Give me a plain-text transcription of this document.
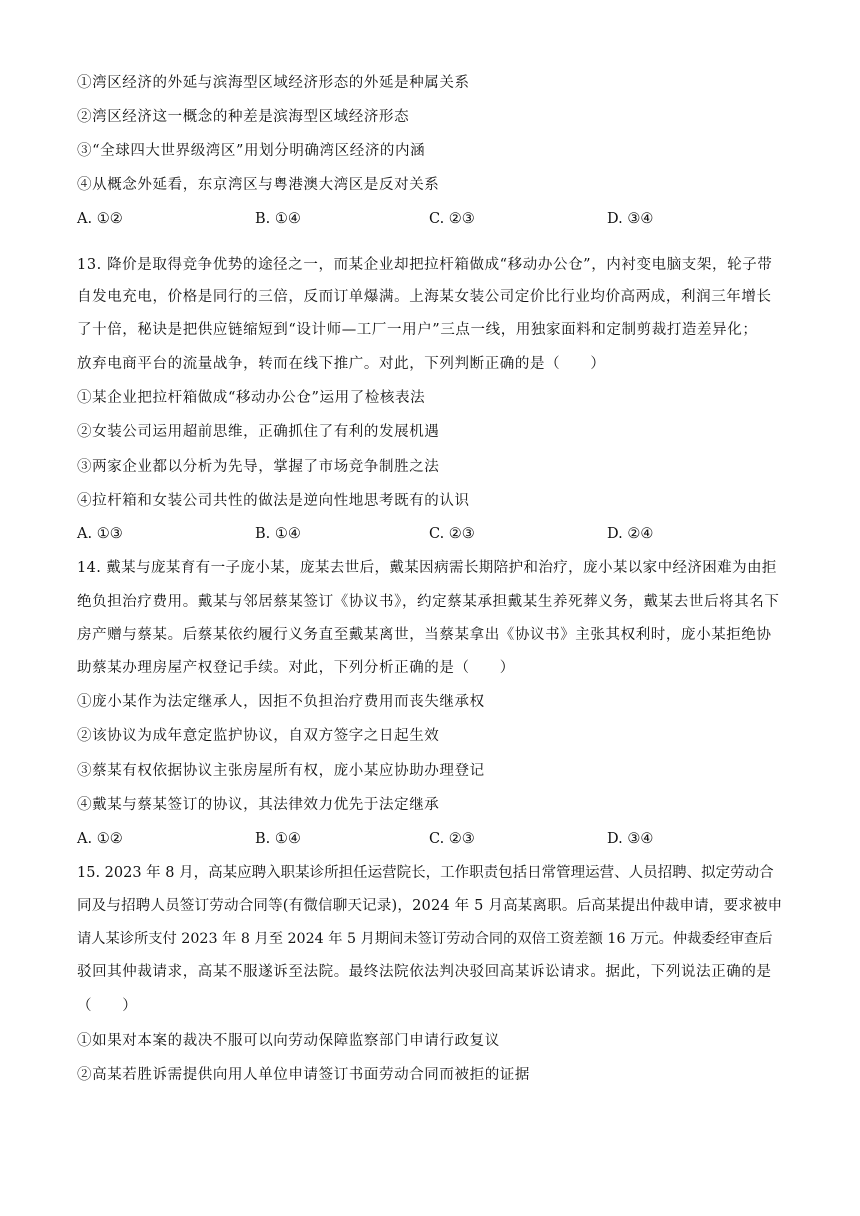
①湾区经济的外延与滨海型区域经济形态的外延是种属关系
②湾区经济这一概念的种差是滨海型区域经济形态
③“全球四大世界级湾区”用划分明确湾区经济的内涵
④从概念外延看，东京湾区与粤港澳大湾区是反对关系
A. ①②	B. ①④	C. ②③	D. ③④
13. 降价是取得竞争优势的途径之一，而某企业却把拉杆箱做成“移动办公仓”，内衬变电脑支架，轮子带
自发电充电，价格是同行的三倍，反而订单爆满。上海某女装公司定价比行业均价高两成，利润三年增长
了十倍，秘诀是把供应链缩短到“设计师—工厂一用户”三点一线，用独家面料和定制剪裁打造差异化；
放弃电商平台的流量战争，转而在线下推广。对此，下列判断正确的是（　　）
①某企业把拉杆箱做成“移动办公仓”运用了检核表法
②女装公司运用超前思维，正确抓住了有利的发展机遇
③两家企业都以分析为先导，掌握了市场竞争制胜之法
④拉杆箱和女装公司共性的做法是逆向性地思考既有的认识
A. ①③	B. ①④	C. ②③	D. ②④
14. 戴某与庞某育有一子庞小某，庞某去世后，戴某因病需长期陪护和治疗，庞小某以家中经济困难为由拒
绝负担治疗费用。戴某与邻居蔡某签订《协议书》，约定蔡某承担戴某生养死葬义务，戴某去世后将其名下
房产赠与蔡某。后蔡某依约履行义务直至戴某离世，当蔡某拿出《协议书》主张其权利时，庞小某拒绝协
助蔡某办理房屋产权登记手续。对此，下列分析正确的是（　　）
①庞小某作为法定继承人，因拒不负担治疗费用而丧失继承权
②该协议为成年意定监护协议，自双方签字之日起生效
③蔡某有权依据协议主张房屋所有权，庞小某应协助办理登记
④戴某与蔡某签订的协议，其法律效力优先于法定继承
A. ①②	B. ①④	C. ②③	D. ③④
15. 2023 年 8 月，高某应聘入职某诊所担任运营院长，工作职责包括日常管理运营、人员招聘、拟定劳动合
同及与招聘人员签订劳动合同等(有微信聊天记录)，2024 年 5 月高某离职。后高某提出仲裁申请，要求被申
请人某诊所支付 2023 年 8 月至 2024 年 5 月期间未签订劳动合同的双倍工资差额 16 万元。仲裁委经审查后
驳回其仲裁请求，高某不服遂诉至法院。最终法院依法判决驳回高某诉讼请求。据此，下列说法正确的是
（　　）
①如果对本案的裁决不服可以向劳动保障监察部门申请行政复议
②高某若胜诉需提供向用人单位申请签订书面劳动合同而被拒的证据
